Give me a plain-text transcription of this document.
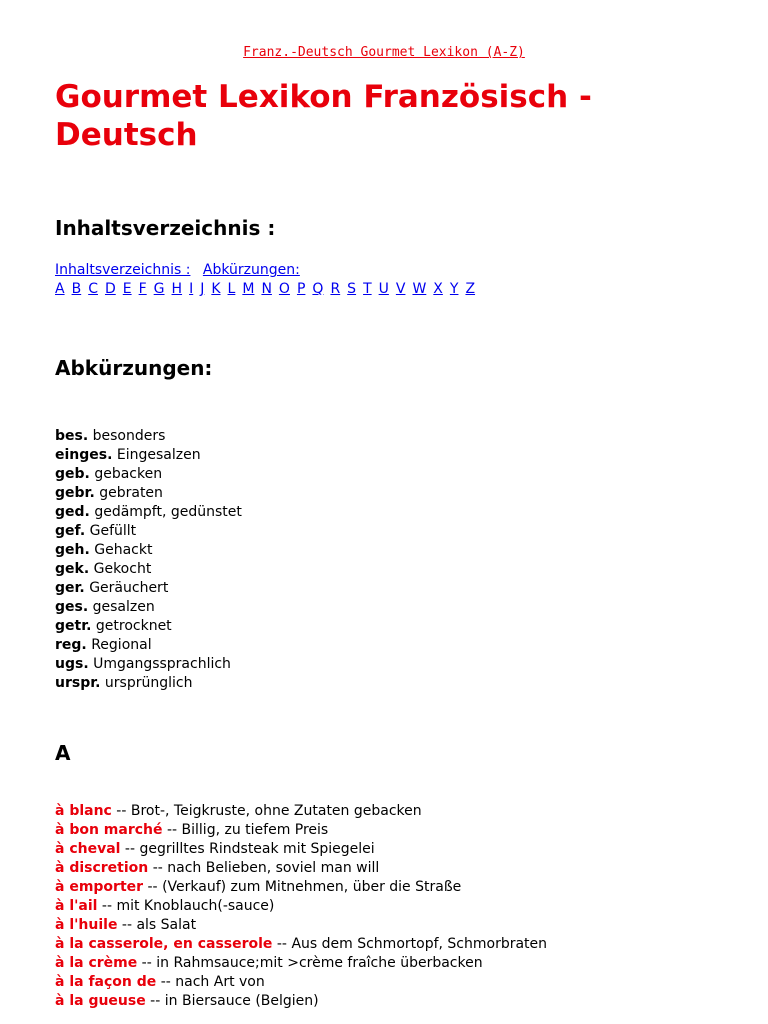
Franz.-Deutsch Gourmet Lexikon (A-Z)
Gourmet Lexikon Französisch - Deutsch
Inhaltsverzeichnis :
Inhaltsverzeichnis : Abkürzungen:
A B C D E F G H I J K L M N O P Q R S T U V W X Y Z
Abkürzungen:
bes. besonders
einges. Eingesalzen
geb. gebacken
gebr. gebraten
ged. gedämpft, gedünstet
gef. Gefüllt
geh. Gehackt
gek. Gekocht
ger. Geräuchert
ges. gesalzen
getr. getrocknet
reg. Regional
ugs. Umgangssprachlich
urspr. ursprünglich
A
à blanc -- Brot-, Teigkruste, ohne Zutaten gebacken
à bon marché -- Billig, zu tiefem Preis
à cheval -- gegrilltes Rindsteak mit Spiegelei
à discretion -- nach Belieben, soviel man will
à emporter -- (Verkauf) zum Mitnehmen, über die Straße
à l'ail -- mit Knoblauch(-sauce)
à l'huile -- als Salat
à la casserole, en casserole -- Aus dem Schmortopf, Schmorbraten
à la crème -- in Rahmsauce;mit >crème fraîche überbacken
à la façon de -- nach Art von
à la gueuse -- in Biersauce (Belgien)
